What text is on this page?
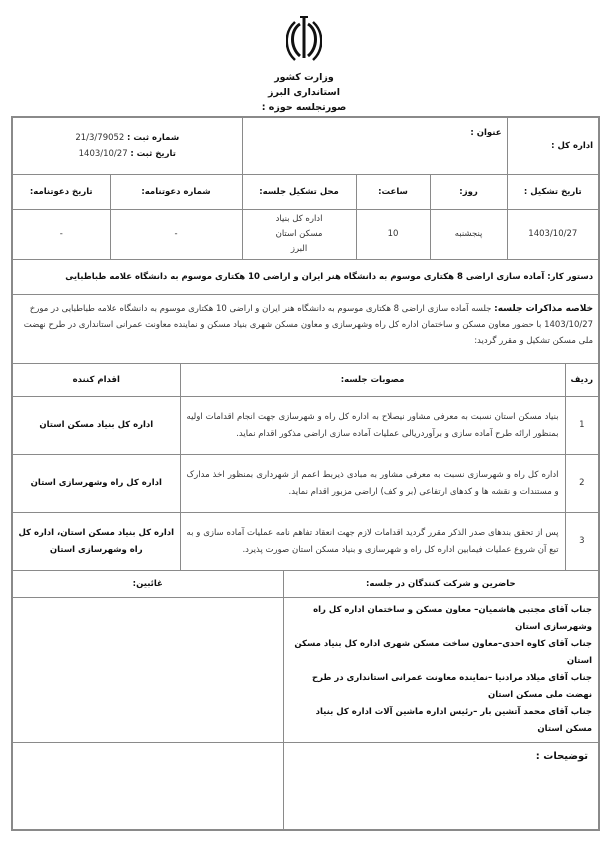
وزارت کشور
استانداری البرز
صورتجلسه حوزه :
اداره کل :		عنوان :				شماره ثبت : 21/3/79052
تاریخ ثبت : 1403/10/27		

تاریخ تشکیل :		روز:	ساعت:	محل تشکیل جلسه:		شماره دعوتنامه:		تاریخ دعوتنامه:
1403/10/27		پنجشنبه	10	اداره کل بنیاد مسکن استان البرز		-		-
دستور کار: آماده سازی اراضی 8 هکتاری موسوم به دانشگاه هنر ایران و اراضی 10 هکتاری موسوم به دانشگاه علامه طباطبایی								
خلاصه مذاکرات جلسه: جلسه آماده سازی اراضی 8 هکتاری موسوم به دانشگاه هنر ایران و اراضی 10 هکتاری موسوم به دانشگاه علامه طباطبایی در مورخ 1403/10/27 با حضور معاون مسکن و ساختمان اداره کل راه وشهرسازی و معاون مسکن شهری بنیاد مسکن و نماینده معاونت عمرانی استانداری در طرح نهضت ملی مسکن تشکیل و مقرر گردید:								
ردیف	مصوبات جلسه:						اقدام کننده	
1	بنیاد مسکن استان نسبت به معرفی مشاور نیصلاح به اداره کل راه و شهرسازی جهت انجام اقدامات اولیه بمنظور ارائه طرح آماده سازی و برآوردریالی عملیات آماده سازی اراضی مذکور اقدام نماید.						اداره کل بنیاد مسکن استان	
2	اداره کل راه و شهرسازی نسبت به معرفی مشاور به مبادی ذیربط اعمم از شهرداری بمنظور اخذ مدارک و مستندات و نقشه ها و کدهای ارتفاعی (بر و کف) اراضی مزبور اقدام نماید.						اداره کل راه وشهرسازی استان	
3	پس از تحقق بندهای صدر الذکر مقرر گردید اقدامات لازم جهت انعقاد تفاهم نامه عملیات آماده سازی و به تبع آن شروع عملیات فیمابین اداره کل راه و شهرسازی و بنیاد مسکن استان صورت پذیرد.						اداره کل بنیاد مسکن استان، اداره کل راه وشهرسازی استان	
حاضرین و شرکت کنندگان در جلسه:					غائبین:			

جناب آقای مجتبی هاشمیان– معاون مسکن و ساختمان اداره کل راه وشهرسازی استان

جناب آقای کاوه احدی–معاون ساخت مسکن شهری اداره کل بنیاد مسکن استان

جناب آقای میلاد مرادنیا –نماینده معاونت عمرانی استانداری در طرح نهضت ملی مسکن استان

جناب آقای محمد آتشین بار –رئیس اداره ماشین آلات اداره کل بنیاد مسکن استان								

توضیحات :								
